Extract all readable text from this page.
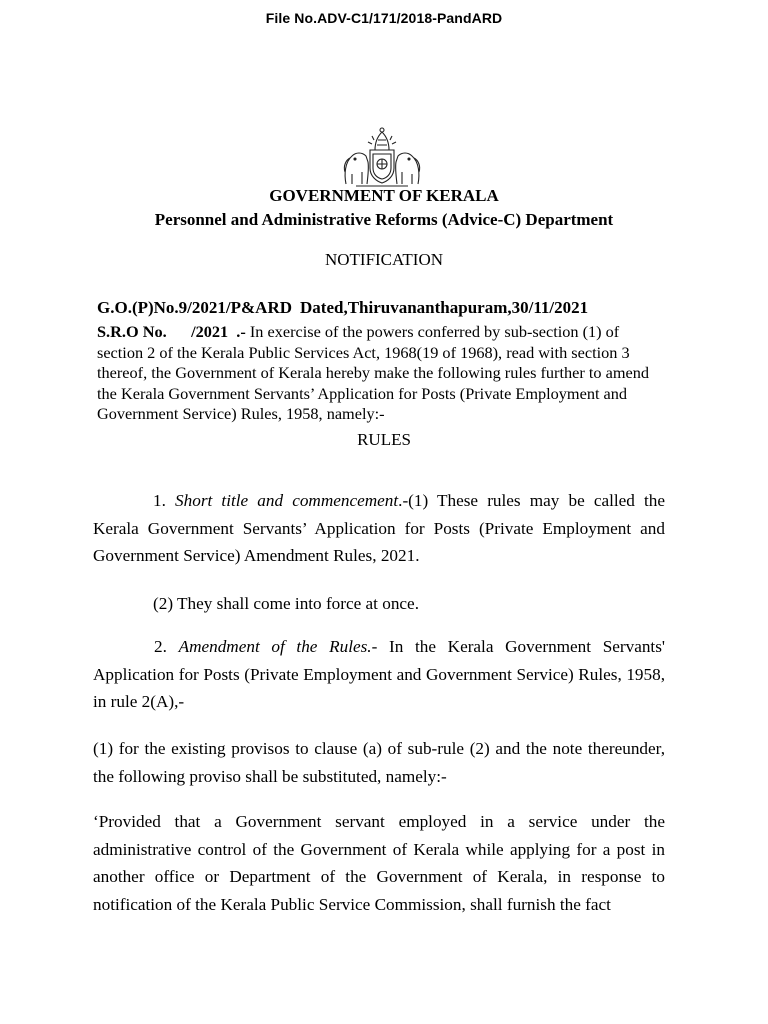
File No.ADV-C1/171/2018-PandARD
GOVERNMENT OF KERALA
Personnel and Administrative Reforms (Advice-C) Department
NOTIFICATION
G.O.(P)No.9/2021/P&ARD Dated,Thiruvananthapuram,30/11/2021
S.R.O No.      /2021  .- In exercise of the powers conferred by sub-section (1) of section 2 of the Kerala Public Services Act, 1968(19 of 1968), read with section 3 thereof, the Government of Kerala hereby make the following rules further to amend the Kerala Government Servants’ Application for Posts (Private Employment and Government Service) Rules, 1958, namely:-
RULES
1. Short title and commencement.-(1) These rules may be called the Kerala Government Servants’ Application for Posts (Private Employment and Government Service) Amendment Rules, 2021.
(2) They shall come into force at once.
2. Amendment of the Rules.- In the Kerala Government Servants' Application for Posts (Private Employment and Government Service) Rules, 1958, in rule 2(A),-
(1) for the existing provisos to clause (a) of sub-rule (2) and the note thereunder, the following proviso shall be substituted, namely:-
‘Provided that a Government servant employed in a service under the administrative control of the Government of Kerala while applying for a post in another office or Department of the Government of Kerala, in response to notification of the Kerala Public Service Commission, shall furnish the fact
